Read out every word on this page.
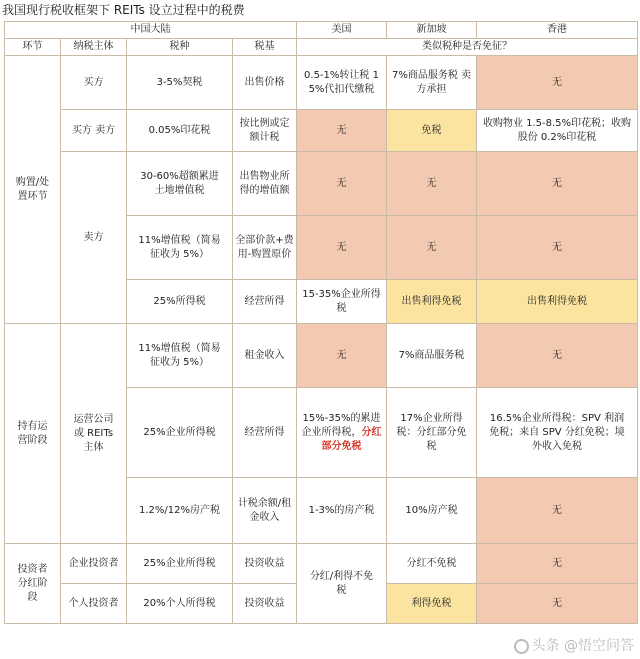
我国现行税收框架下 REITs 设立过程中的税费
中国大陆				美国	新加坡	香港
环节	纳税主体	税种	税基	类似税种是否免征？		
购置/处置环节	买方	3-5%契税	出售价格	0.5-1%转让税 15%代扣代缴税	7%商品服务税 卖方承担	无
	买方 卖方	0.05%印花税	按比例或定额计税	无	免税	收购物业 1.5-8.5%印花税；收购股份 0.2%印花税
	卖方	30-60%超额累进土地增值税	出售物业所得的增值额	无	无	无
		11%增值税（简易征收为 5%）	全部价款+费用-购置原价	无	无	无
		25%所得税	经营所得	15-35%企业所得税	出售利得免税	出售利得免税
持有运营阶段	运营公司或 REITs 主体	11%增值税（简易征收为 5%）	租金收入	无	7%商品服务税	无
		25%企业所得税	经营所得	15%-35%的累进企业所得税，分红部分免税	17%企业所得税：分红部分免税	16.5%企业所得税：SPV 利润免税；来自 SPV 分红免税；境外收入免税
		1.2%/12%房产税	计税余额/租金收入	1-3%的房产税	10%房产税	无
投资者分红阶段	企业投资者	25%企业所得税	投资收益	分红/利得不免税	分红不免税	无
	个人投资者	20%个人所得税	投资收益		利得免税	无
头条 @悟空问答
